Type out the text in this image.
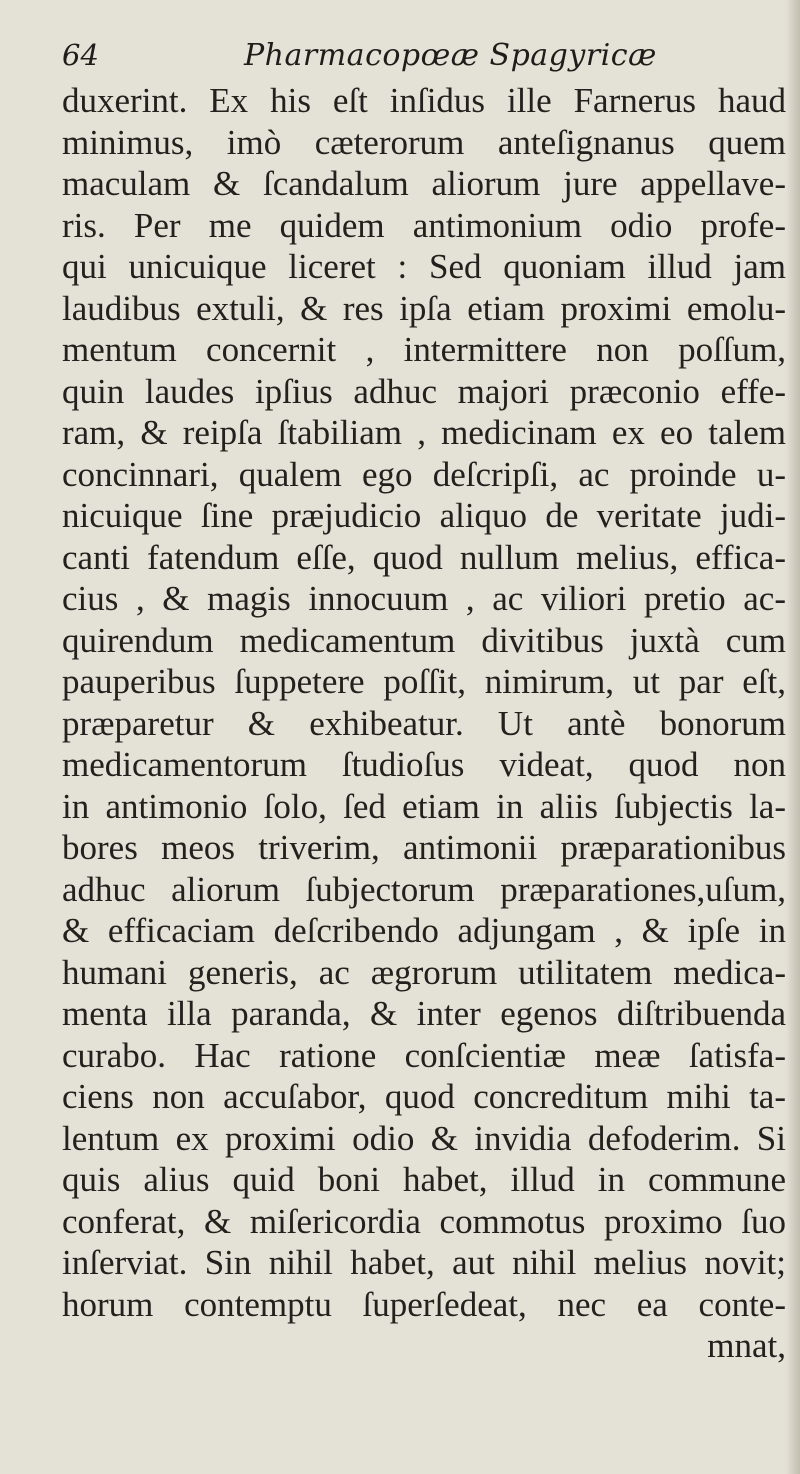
64	Pharmacopœæ Spagyricæ
duxerint. Ex his eſt inſidus ille Farnerus haud
minimus, imò cæterorum anteſignanus quem
maculam & ſcandalum aliorum jure appellave-
ris. Per me quidem antimonium odio profe-
qui unicuique liceret : Sed quoniam illud jam
laudibus extuli, & res ipſa etiam proximi emolu-
mentum concernit , intermittere non poſſum,
quin laudes ipſius adhuc majori præconio effe-
ram, & reipſa ſtabiliam , medicinam ex eo talem
concinnari, qualem ego deſcripſi, ac proinde u-
nicuique ſine præjudicio aliquo de veritate judi-
canti fatendum eſſe, quod nullum melius, effica-
cius , & magis innocuum , ac viliori pretio ac-
quirendum medicamentum divitibus juxtà cum
pauperibus ſuppetere poſſit, nimirum, ut par eſt,
præparetur & exhibeatur. Ut antè bonorum
medicamentorum ſtudioſus videat, quod non
in antimonio ſolo, ſed etiam in aliis ſubjectis la-
bores meos triverim, antimonii præparationibus
adhuc aliorum ſubjectorum præparationes,uſum,
& efficaciam deſcribendo adjungam , & ipſe in
humani generis, ac ægrorum utilitatem medica-
menta illa paranda, & inter egenos diſtribuenda
curabo. Hac ratione conſcientiæ meæ ſatisfa-
ciens non accuſabor, quod concreditum mihi ta-
lentum ex proximi odio & invidia defoderim. Si
quis alius quid boni habet, illud in commune
conferat, & miſericordia commotus proximo ſuo
inſerviat. Sin nihil habet, aut nihil melius novit;
horum contemptu ſuperſedeat, nec ea conte-
mnat,
